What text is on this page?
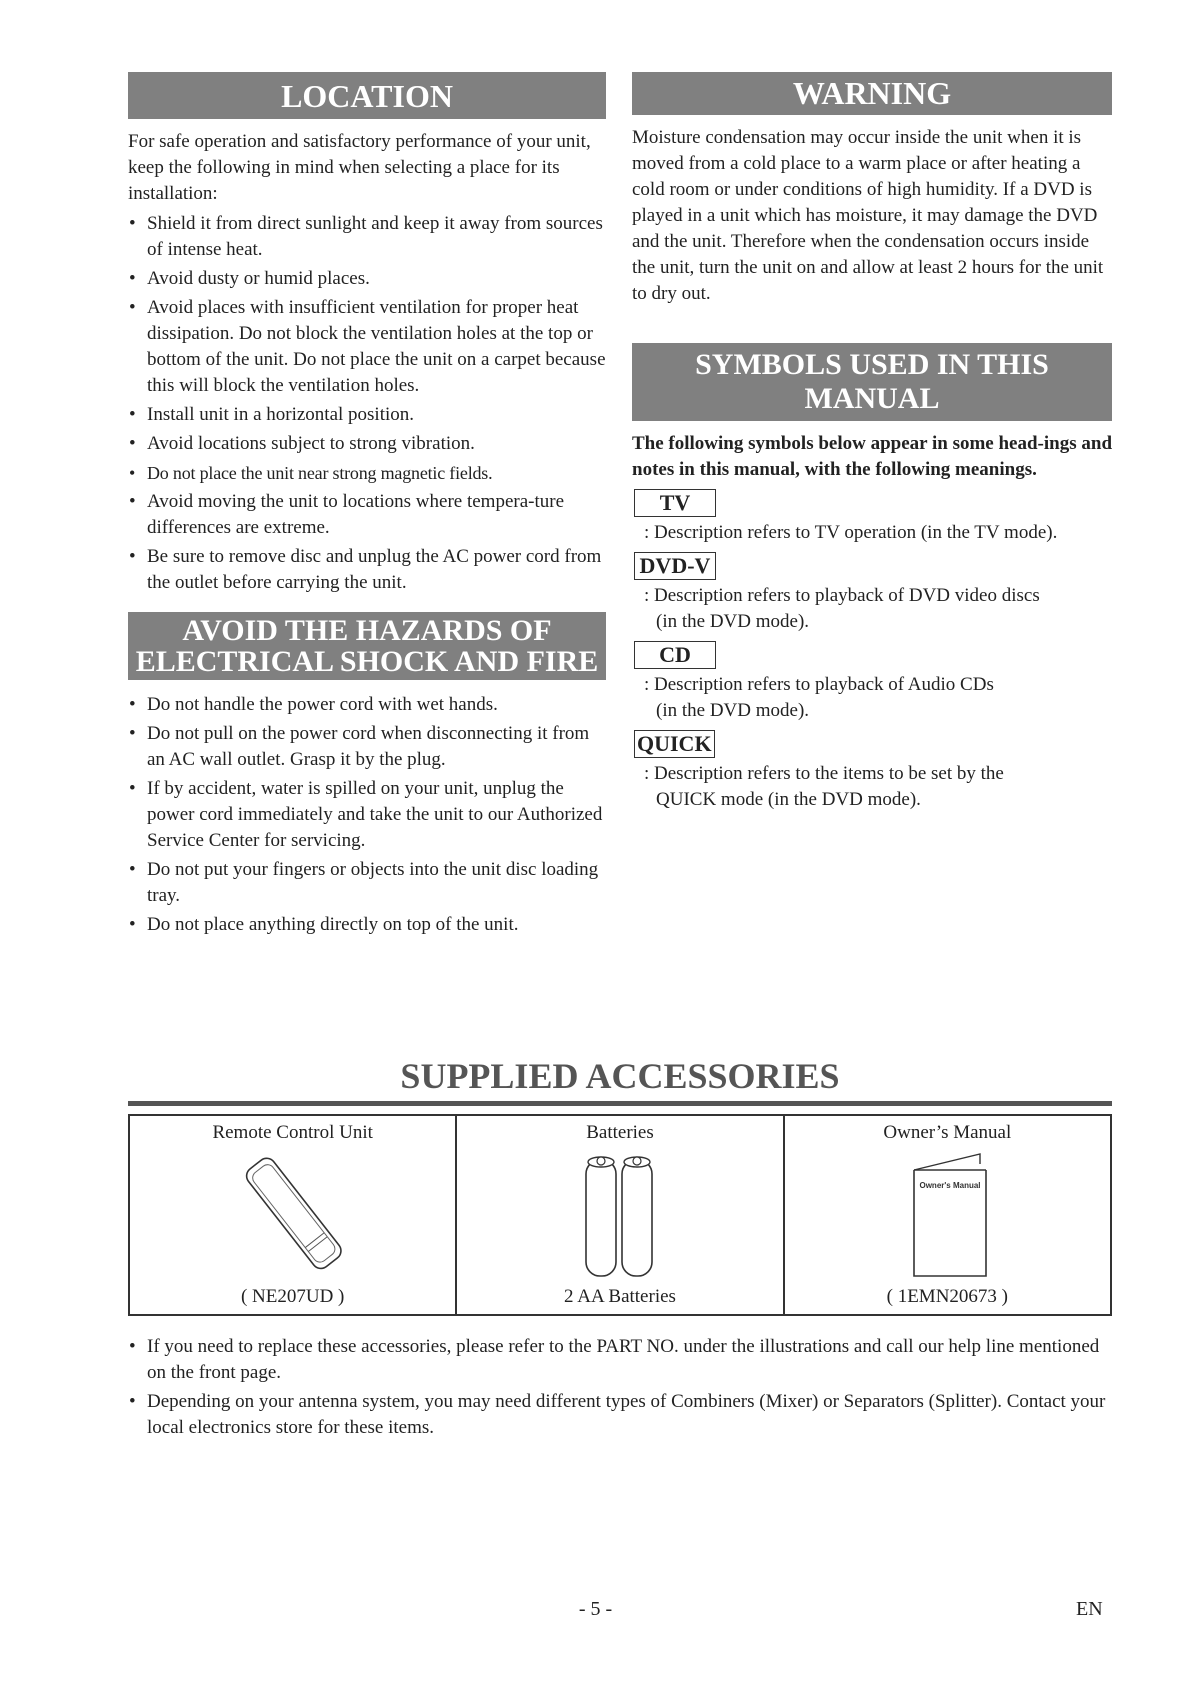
LOCATION
For safe operation and satisfactory performance of your unit, keep the following in mind when selecting a place for its installation:
• Shield it from direct sunlight and keep it away from sources of intense heat.
• Avoid dusty or humid places.
• Avoid places with insufficient ventilation for proper heat dissipation. Do not block the ventilation holes at the top or bottom of the unit. Do not place the unit on a carpet because this will block the ventilation holes.
• Install unit in a horizontal position.
• Avoid locations subject to strong vibration.
• Do not place the unit near strong magnetic fields.
• Avoid moving the unit to locations where tempera-ture differences are extreme.
• Be sure to remove disc and unplug the AC power cord from the outlet before carrying the unit.
AVOID THE HAZARDS OF
ELECTRICAL SHOCK AND FIRE
• Do not handle the power cord with wet hands.
• Do not pull on the power cord when disconnecting it from an AC wall outlet. Grasp it by the plug.
• If by accident, water is spilled on your unit, unplug the power cord immediately and take the unit to our Authorized Service Center for servicing.
• Do not put your fingers or objects into the unit disc loading tray.
• Do not place anything directly on top of the unit.
WARNING
Moisture condensation may occur inside the unit when it is moved from a cold place to a warm place or after heating a cold room or under conditions of high humidity. If a DVD is played in a unit which has moisture, it may damage the DVD and the unit. Therefore when the condensation occurs inside the unit, turn the unit on and allow at least 2 hours for the unit to dry out.
SYMBOLS USED IN THIS MANUAL
The following symbols below appear in some head-ings and notes in this manual, with the following meanings.
TV
: Description refers to TV operation (in the TV mode).
DVD-V
: Description refers to playback of DVD video discs
(in the DVD mode).
CD
: Description refers to playback of Audio CDs
(in the DVD mode).
QUICK
: Description refers to the items to be set by the
QUICK mode (in the DVD mode).
SUPPLIED ACCESSORIES
Remote Control Unit
( NE207UD )

Batteries
2 AA Batteries

Owner’s Manual
Owner's Manual
( 1EMN20673 )
• If you need to replace these accessories, please refer to the PART NO. under the illustrations and call our help line mentioned on the front page.
• Depending on your antenna system, you may need different types of Combiners (Mixer) or Separators (Splitter). Contact your local electronics store for these items.
- 5 -	EN
